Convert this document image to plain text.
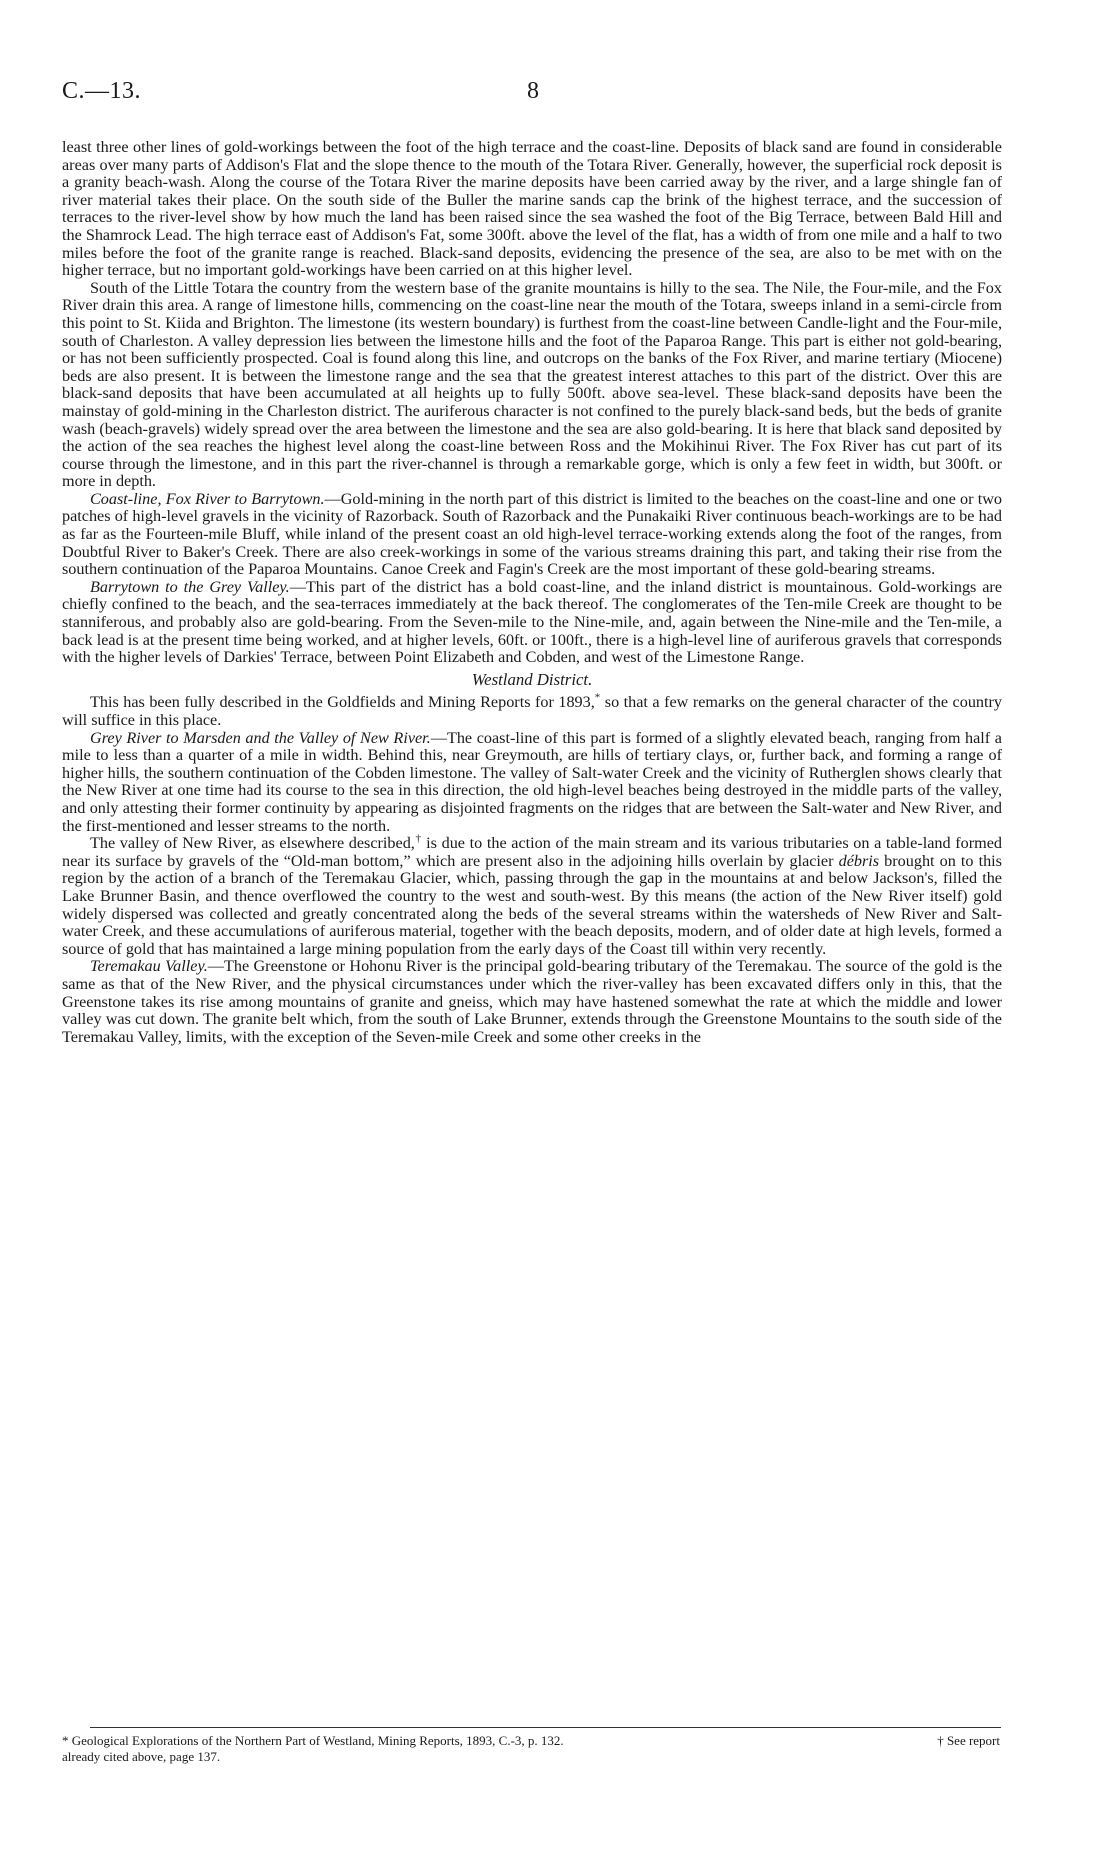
C.—13.	8

least three other lines of gold-workings between the foot of the high terrace and the coast-line. Deposits of black sand are found in considerable areas over many parts of Addison's Flat and the slope thence to the mouth of the Totara River. Generally, however, the superficial rock deposit is a granity beach-wash. Along the course of the Totara River the marine deposits have been carried away by the river, and a large shingle fan of river material takes their place. On the south side of the Buller the marine sands cap the brink of the highest terrace, and the succession of terraces to the river-level show by how much the land has been raised since the sea washed the foot of the Big Terrace, between Bald Hill and the Shamrock Lead. The high terrace east of Addison's Fat, some 300ft. above the level of the flat, has a width of from one mile and a half to two miles before the foot of the granite range is reached. Black-sand deposits, evidencing the presence of the sea, are also to be met with on the higher terrace, but no important gold-workings have been carried on at this higher level.

South of the Little Totara the country from the western base of the granite mountains is hilly to the sea. The Nile, the Four-mile, and the Fox River drain this area. A range of limestone hills, commencing on the coast-line near the mouth of the Totara, sweeps inland in a semi-circle from this point to St. Kiida and Brighton. The limestone (its western boundary) is furthest from the coast-line between Candle-light and the Four-mile, south of Charleston. A valley depression lies between the limestone hills and the foot of the Paparoa Range. This part is either not gold-bearing, or has not been sufficiently prospected. Coal is found along this line, and outcrops on the banks of the Fox River, and marine tertiary (Miocene) beds are also present. It is between the limestone range and the sea that the greatest interest attaches to this part of the district. Over this are black-sand deposits that have been accumulated at all heights up to fully 500ft. above sea-level. These black-sand deposits have been the mainstay of gold-mining in the Charleston district. The auriferous character is not confined to the purely black-sand beds, but the beds of granite wash (beach-gravels) widely spread over the area between the limestone and the sea are also gold-bearing. It is here that black sand deposited by the action of the sea reaches the highest level along the coast-line between Ross and the Mokihinui River. The Fox River has cut part of its course through the limestone, and in this part the river-channel is through a remarkable gorge, which is only a few feet in width, but 300ft. or more in depth.

Coast-line, Fox River to Barrytown.—Gold-mining in the north part of this district is limited to the beaches on the coast-line and one or two patches of high-level gravels in the vicinity of Razorback. South of Razorback and the Punakaiki River continuous beach-workings are to be had as far as the Fourteen-mile Bluff, while inland of the present coast an old high-level terrace-working extends along the foot of the ranges, from Doubtful River to Baker's Creek. There are also creek-workings in some of the various streams draining this part, and taking their rise from the southern continuation of the Paparoa Mountains. Canoe Creek and Fagin's Creek are the most important of these gold-bearing streams.

Barrytown to the Grey Valley.—This part of the district has a bold coast-line, and the inland district is mountainous. Gold-workings are chiefly confined to the beach, and the sea-terraces immediately at the back thereof. The conglomerates of the Ten-mile Creek are thought to be stanniferous, and probably also are gold-bearing. From the Seven-mile to the Nine-mile, and, again between the Nine-mile and the Ten-mile, a back lead is at the present time being worked, and at higher levels, 60ft. or 100ft., there is a high-level line of auriferous gravels that corresponds with the higher levels of Darkies' Terrace, between Point Elizabeth and Cobden, and west of the Limestone Range.

Westland District.

This has been fully described in the Goldfields and Mining Reports for 1893,* so that a few remarks on the general character of the country will suffice in this place.

Grey River to Marsden and the Valley of New River.—The coast-line of this part is formed of a slightly elevated beach, ranging from half a mile to less than a quarter of a mile in width. Behind this, near Greymouth, are hills of tertiary clays, or, further back, and forming a range of higher hills, the southern continuation of the Cobden limestone. The valley of Salt-water Creek and the vicinity of Rutherglen shows clearly that the New River at one time had its course to the sea in this direction, the old high-level beaches being destroyed in the middle parts of the valley, and only attesting their former continuity by appearing as disjointed fragments on the ridges that are between the Salt-water and New River, and the first-mentioned and lesser streams to the north.

The valley of New River, as elsewhere described,† is due to the action of the main stream and its various tributaries on a table-land formed near its surface by gravels of the “Old-man bottom,” which are present also in the adjoining hills overlain by glacier débris brought on to this region by the action of a branch of the Teremakau Glacier, which, passing through the gap in the mountains at and below Jackson's, filled the Lake Brunner Basin, and thence overflowed the country to the west and south-west. By this means (the action of the New River itself) gold widely dispersed was collected and greatly concentrated along the beds of the several streams within the watersheds of New River and Salt-water Creek, and these accumulations of auriferous material, together with the beach deposits, modern, and of older date at high levels, formed a source of gold that has maintained a large mining population from the early days of the Coast till within very recently.

Teremakau Valley.—The Greenstone or Hohonu River is the principal gold-bearing tributary of the Teremakau. The source of the gold is the same as that of the New River, and the physical circumstances under which the river-valley has been excavated differs only in this, that the Greenstone takes its rise among mountains of granite and gneiss, which may have hastened somewhat the rate at which the middle and lower valley was cut down. The granite belt which, from the south of Lake Brunner, extends through the Greenstone Mountains to the south side of the Teremakau Valley, limits, with the exception of the Seven-mile Creek and some other creeks in the

* Geological Explorations of the Northern Part of Westland, Mining Reports, 1893, C.-3, p. 132.	† See report
already cited above, page 137.
